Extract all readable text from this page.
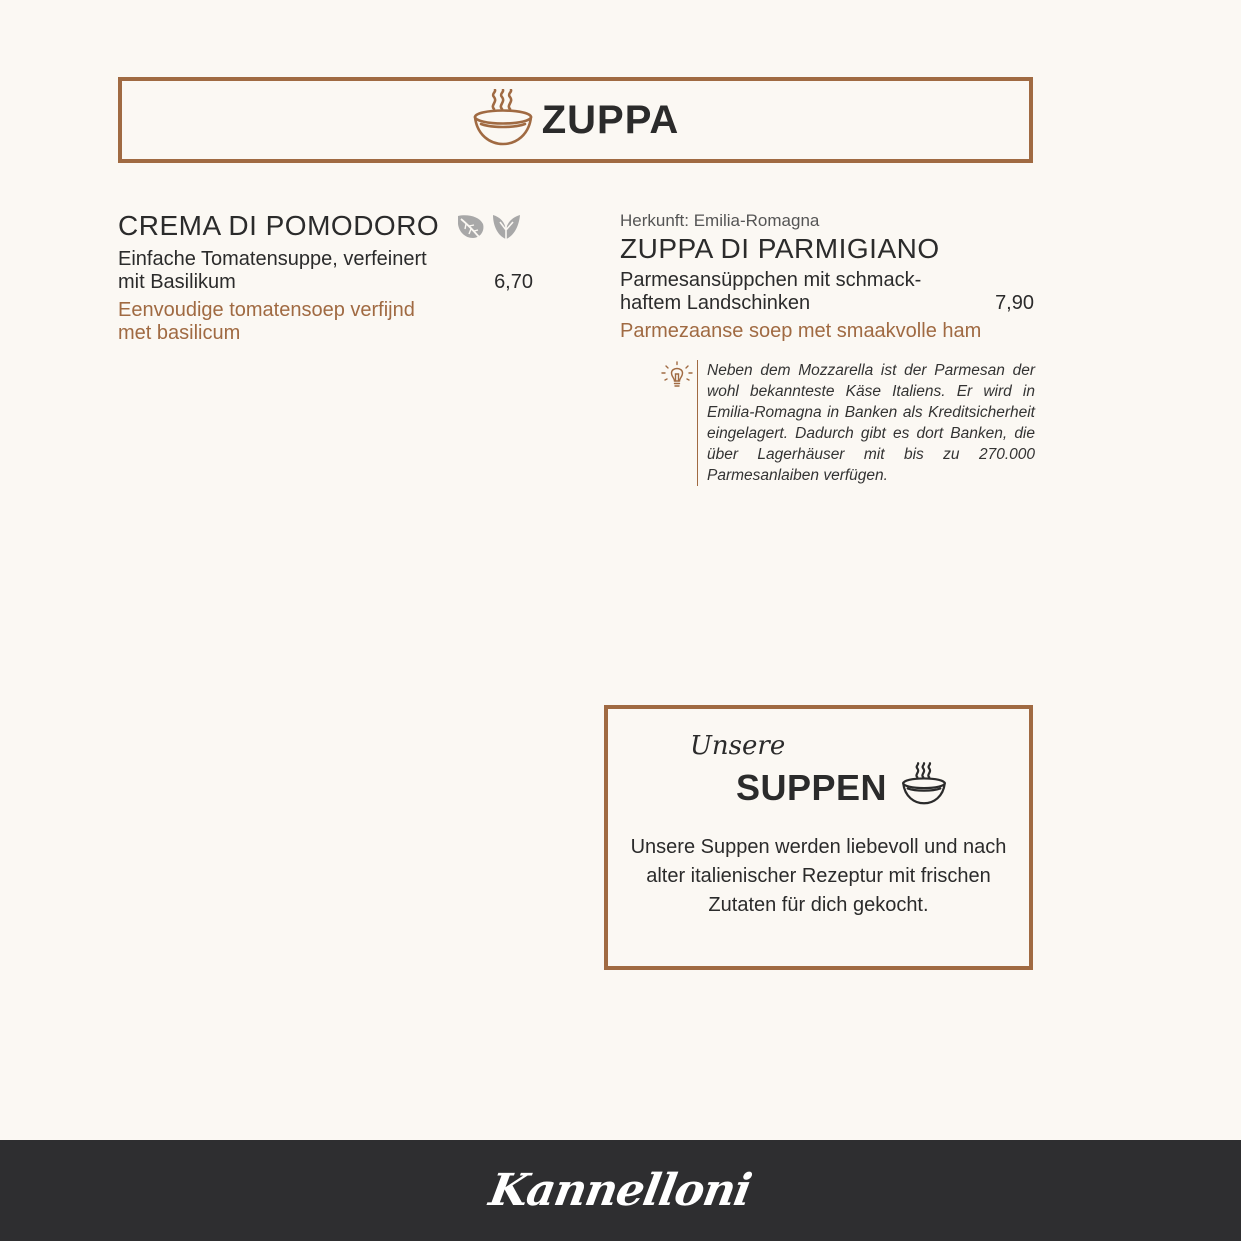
ZUPPA
CREMA DI POMODORO
Einfache Tomatensuppe, verfeinert
mit Basilikum	6,70
Eenvoudige tomatensoep verfijnd
met basilicum
Herkunft: Emilia-Romagna
ZUPPA DI PARMIGIANO
Parmesansüppchen mit schmack-
haftem Landschinken	7,90
Parmezaanse soep met smaakvolle ham
Neben dem Mozzarella ist der Parmesan der wohl bekannteste Käse Italiens. Er wird in Emilia-Romagna in Banken als Kreditsicherheit eingelagert. Dadurch gibt es dort Banken, die über Lagerhäuser mit bis zu 270.000 Parmesanlaiben verfügen.
Unsere
SUPPEN
Unsere Suppen werden liebevoll und nach alter italienischer Rezeptur mit frischen Zutaten für dich gekocht.
Kannelloni
